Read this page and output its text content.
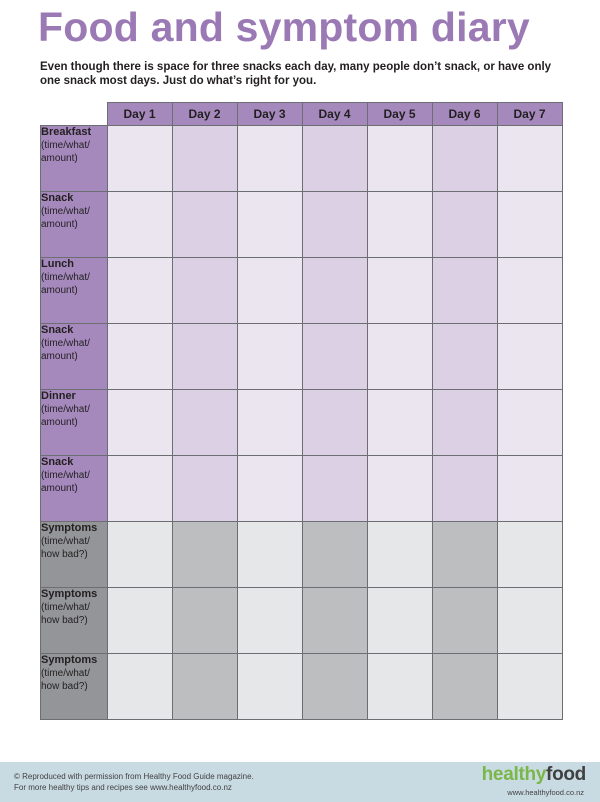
Food and symptom diary
Even though there is space for three snacks each day, many people don’t snack, or have only one snack most days. Just do what’s right for you.
	Day 1	Day 2	Day 3	Day 4	Day 5	Day 6	Day 7

Breakfast
(time/what/ amount)							

Snack
(time/what/ amount)							

Lunch
(time/what/ amount)							

Snack
(time/what/ amount)							

Dinner
(time/what/ amount)							

Snack
(time/what/ amount)							

Symptoms
(time/what/ how bad?)							

Symptoms
(time/what/ how bad?)							

Symptoms
(time/what/ how bad?)							
© Reproduced with permission from Healthy Food Guide magazine.
For more healthy tips and recipes see www.healthyfood.co.nz
healthyfood
www.healthyfood.co.nz
